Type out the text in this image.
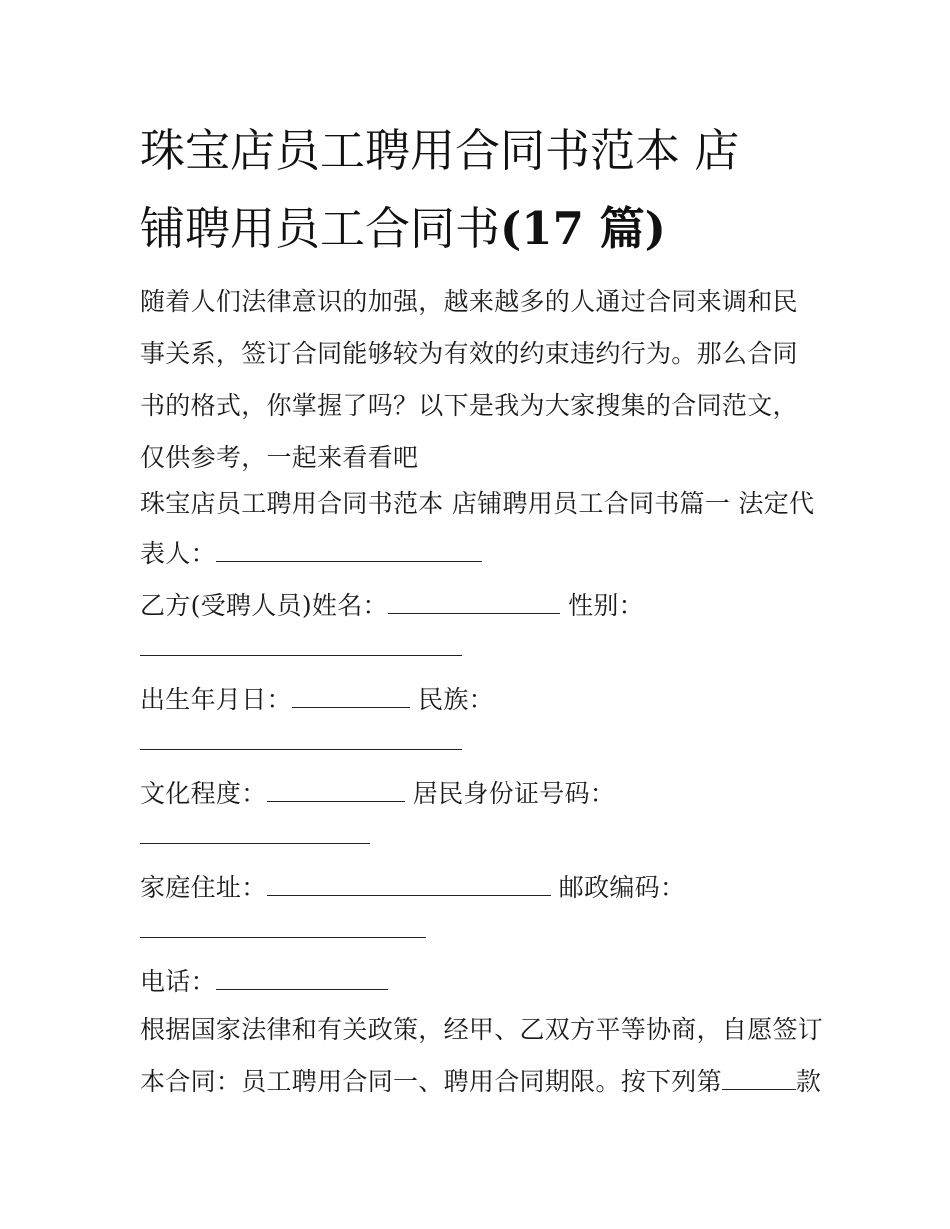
珠宝店员工聘用合同书范本 店
铺聘用员工合同书(17 篇)

随着人们法律意识的加强，越来越多的人通过合同来调和民事关系，签订合同能够较为有效的约束违约行为。那么合同书的格式，你掌握了吗？以下是我为大家搜集的合同范文，仅供参考，一起来看看吧

珠宝店员工聘用合同书范本 店铺聘用员工合同书篇一 法定代
表人：
乙方(受聘人员)姓名：	性别：
出生年月日：	民族：
文化程度：	居民身份证号码：
家庭住址：	邮政编码：
电话：
根据国家法律和有关政策，经甲、乙双方平等协商，自愿签订
本合同：员工聘用合同一、聘用合同期限。按下列第	款
